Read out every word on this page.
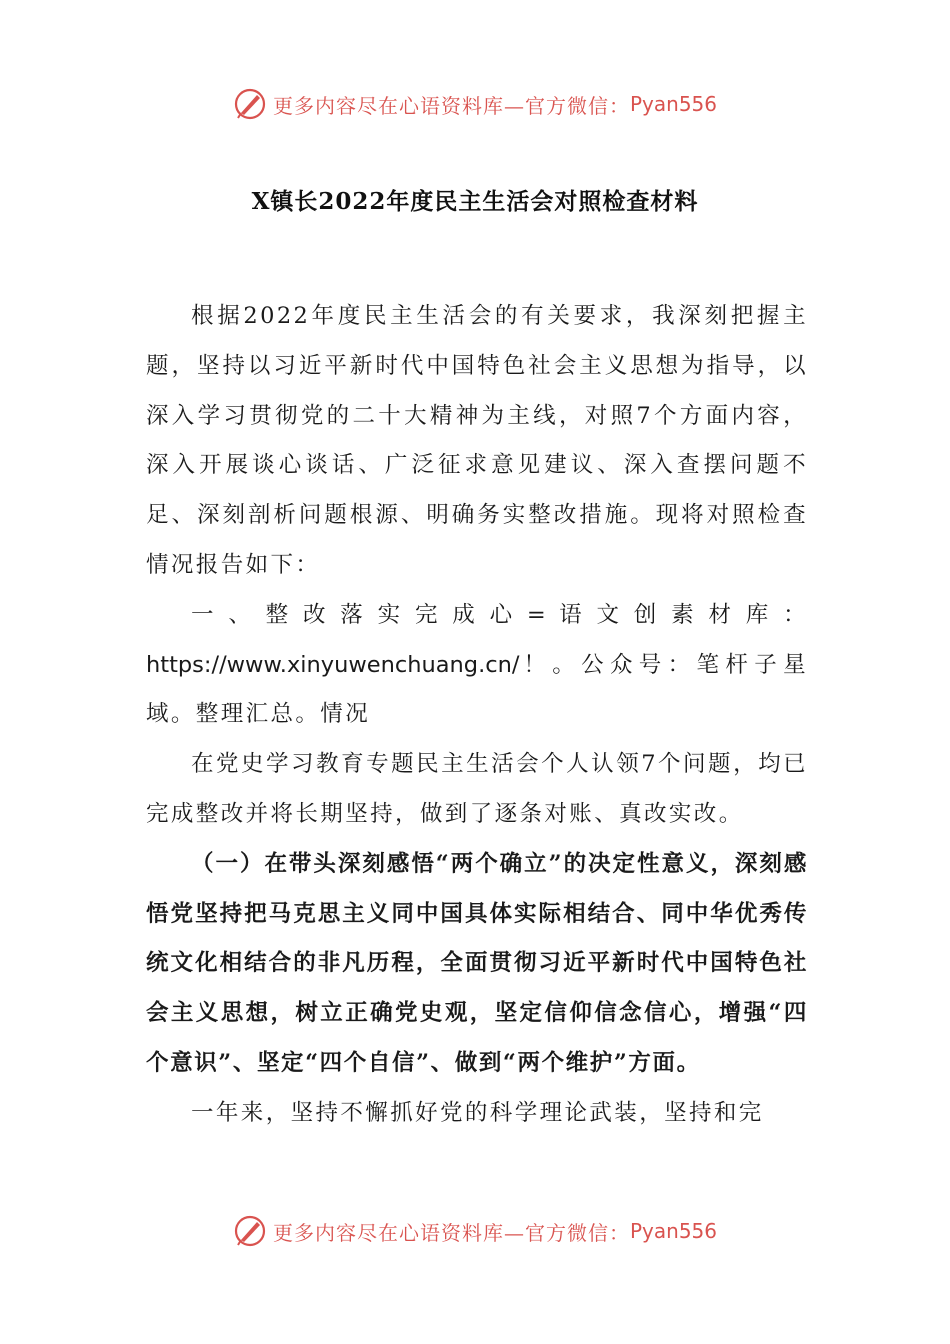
更多内容尽在心语资料库—官方微信： Pyan556
X镇长2022年度民主生活会对照检查材料

根据2022年度民主生活会的有关要求，我深刻把握主题，坚持以习近平新时代中国特色社会主义思想为指导，以深入学习贯彻党的二十大精神为主线，对照7个方面内容，深入开展谈心谈话、广泛征求意见建议、深入查摆问题不足、深刻剖析问题根源、明确务实整改措施。现将对照检查情况报告如下：

一 、 整 改 落 实 完 成 心 = 语 文 创 素 材 库 ： https://www.xinyuwenchuang.cn/！。公众号：笔杆子星域。整理汇总。情况

在党史学习教育专题民主生活会个人认领7个问题，均已完成整改并将长期坚持，做到了逐条对账、真改实改。

（一）在带头深刻感悟“两个确立”的决定性意义，深刻感悟党坚持把马克思主义同中国具体实际相结合、同中华优秀传统文化相结合的非凡历程，全面贯彻习近平新时代中国特色社会主义思想，树立正确党史观，坚定信仰信念信心，增强“四个意识”、坚定“四个自信”、做到“两个维护”方面。

一年来，坚持不懈抓好党的科学理论武装，坚持和完

更多内容尽在心语资料库—官方微信： Pyan556
